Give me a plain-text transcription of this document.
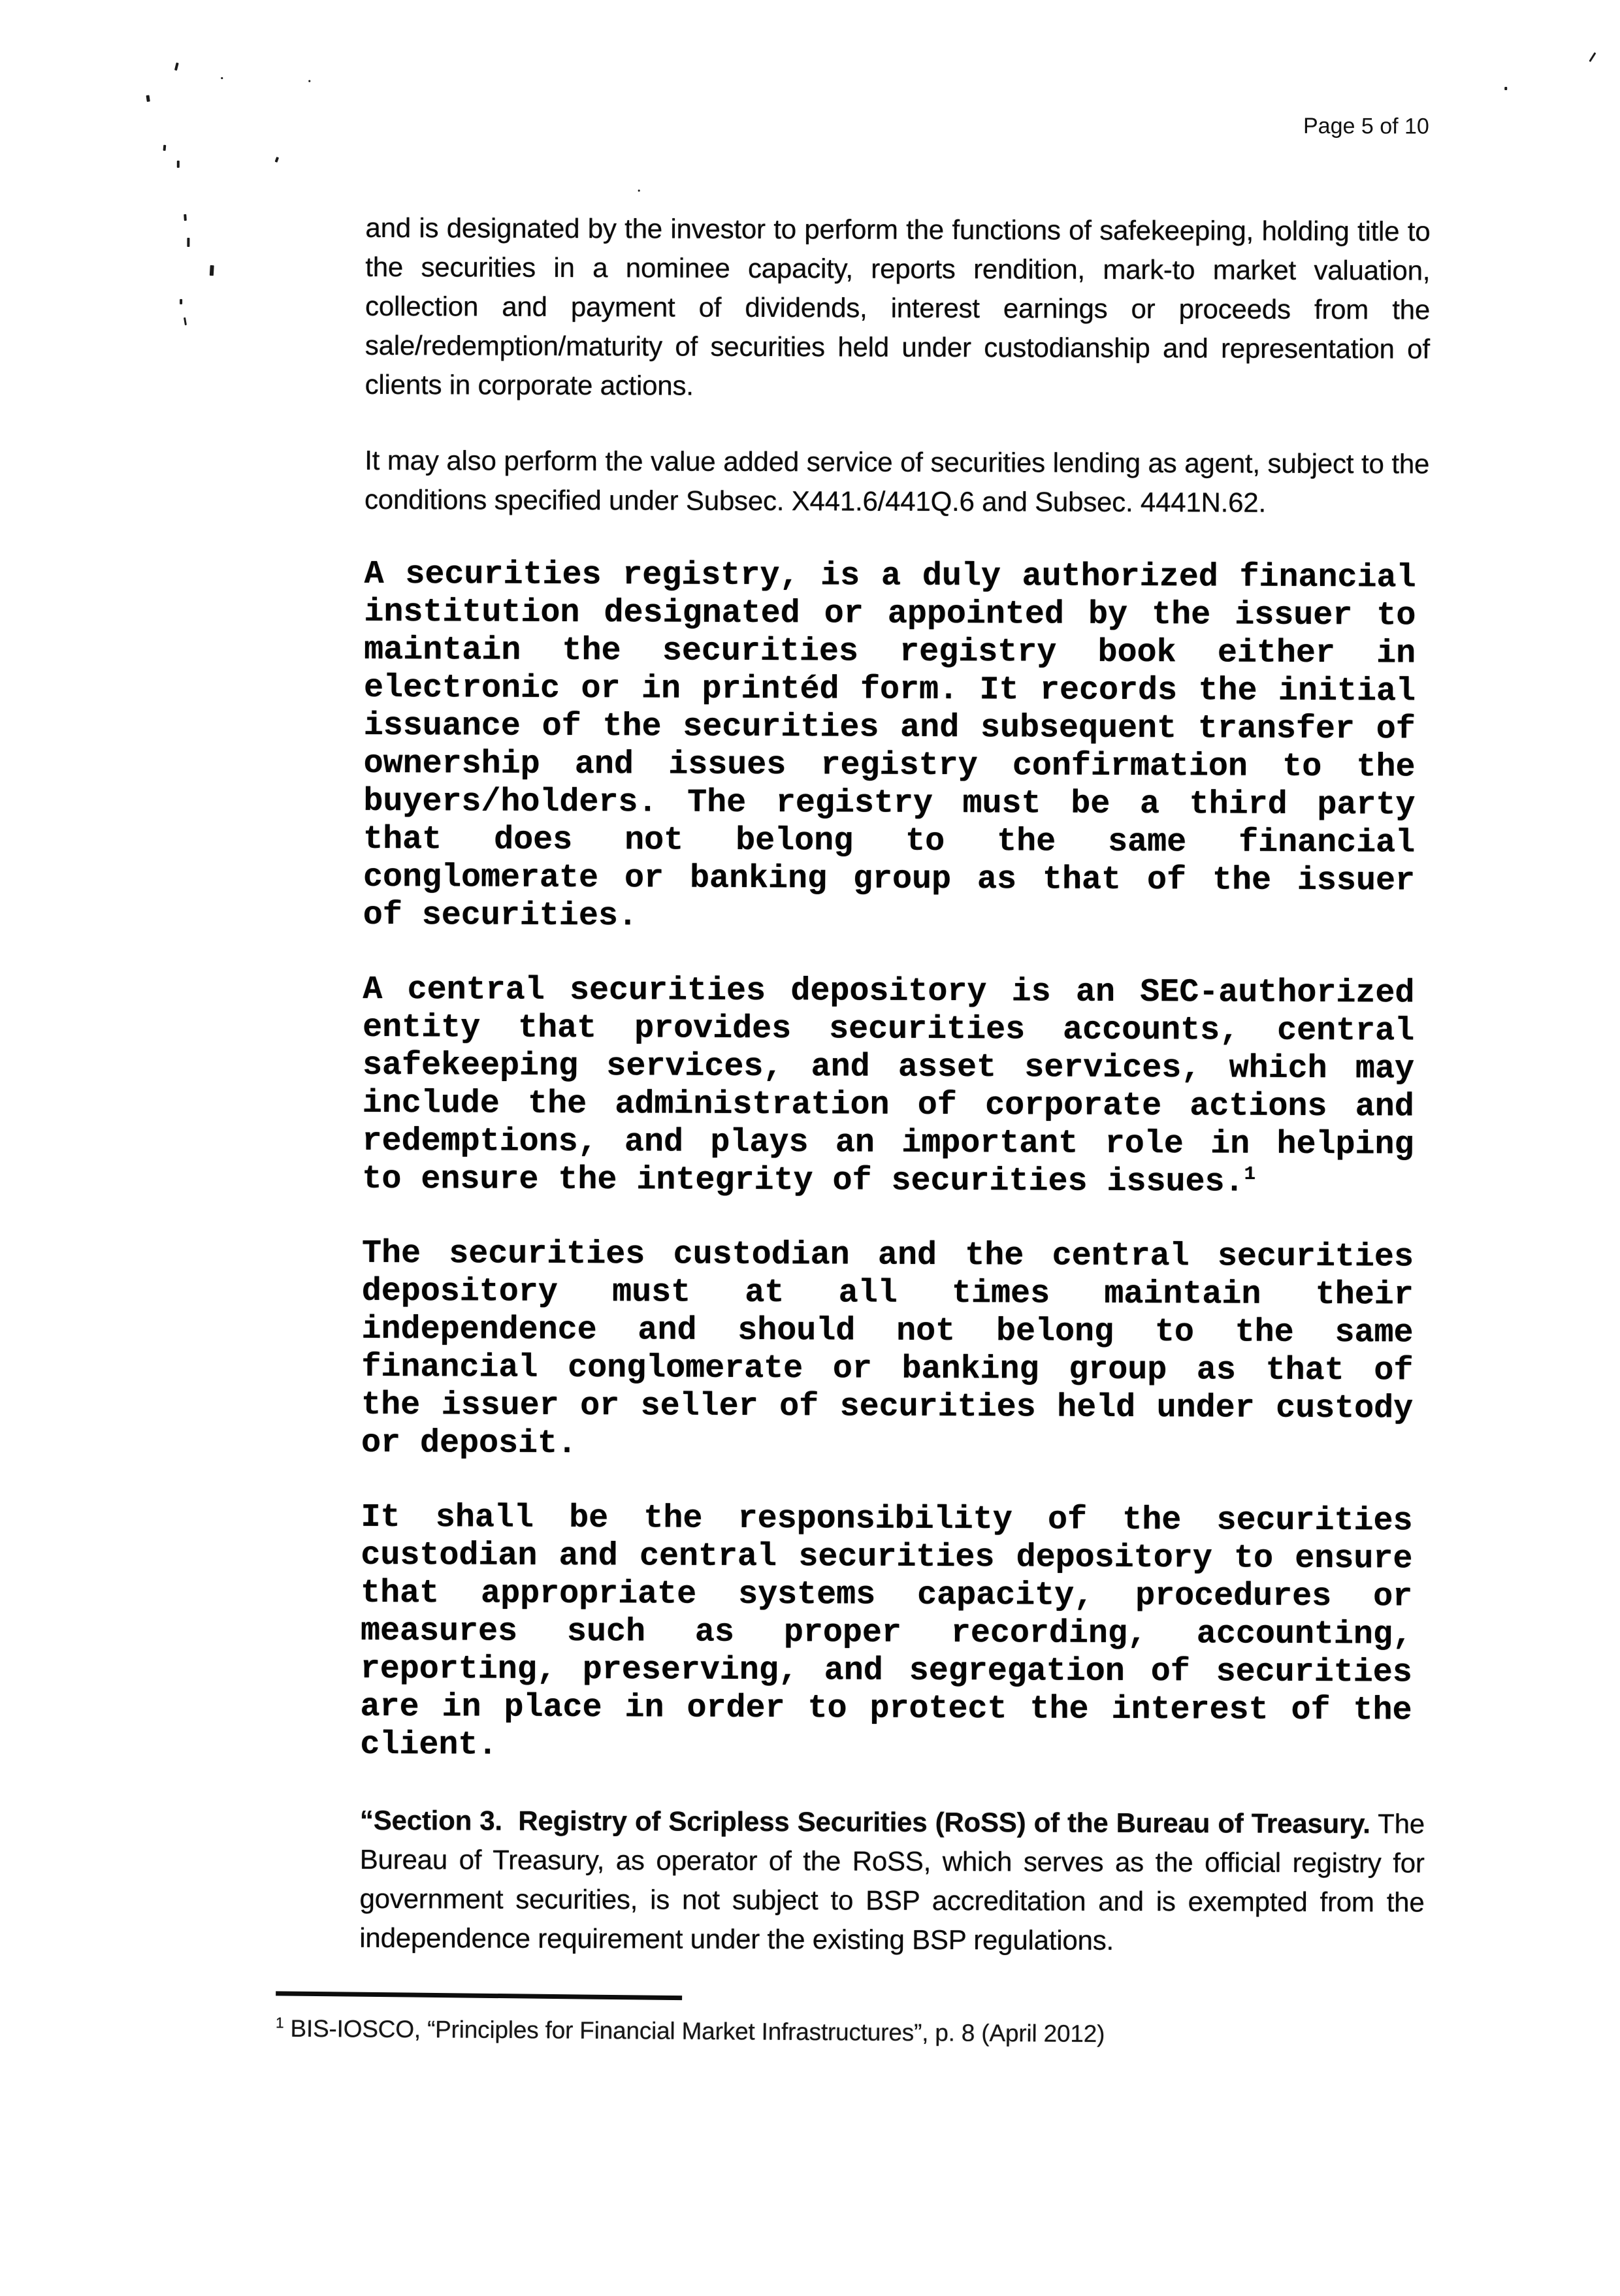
Page 5 of 10

and is designated by the investor to perform the functions of safekeeping, holding title to the securities in a nominee capacity, reports rendition, mark-to market valuation, collection and payment of dividends, interest earnings or proceeds from the sale/redemption/maturity of securities held under custodianship and representation of clients in corporate actions.

It may also perform the value added service of securities lending as agent, subject to the conditions specified under Subsec. X441.6/441Q.6 and Subsec. 4441N.62.

A securities registry, is a duly authorized financial institution designated or appointed by the issuer to maintain the securities registry book either in electronic or in printéd form. It records the initial issuance of the securities and subsequent transfer of ownership and issues registry confirmation to the buyers/holders. The registry must be a third party that does not belong to the same financial conglomerate or banking group as that of the issuer of securities.

A central securities depository is an SEC-authorized entity that provides securities accounts, central safekeeping services, and asset services, which may include the administration of corporate actions and redemptions, and plays an important role in helping to ensure the integrity of securities issues.$^1$

The securities custodian and the central securities depository must at all times maintain their independence and should not belong to the same financial conglomerate or banking group as that of the issuer or seller of securities held under custody or deposit.

It shall be the responsibility of the securities custodian and central securities depository to ensure that appropriate systems capacity, procedures or measures such as proper recording, accounting, reporting, preserving, and segregation of securities are in place in order to protect the interest of the client.

“Section 3.  Registry of Scripless Securities (RoSS) of the Bureau of Treasury. The Bureau of Treasury, as operator of the RoSS, which serves as the official registry for government securities, is not subject to BSP accreditation and is exempted from the independence requirement under the existing BSP regulations.

$^1$ BIS-IOSCO, “Principles for Financial Market Infrastructures”, p. 8 (April 2012)
